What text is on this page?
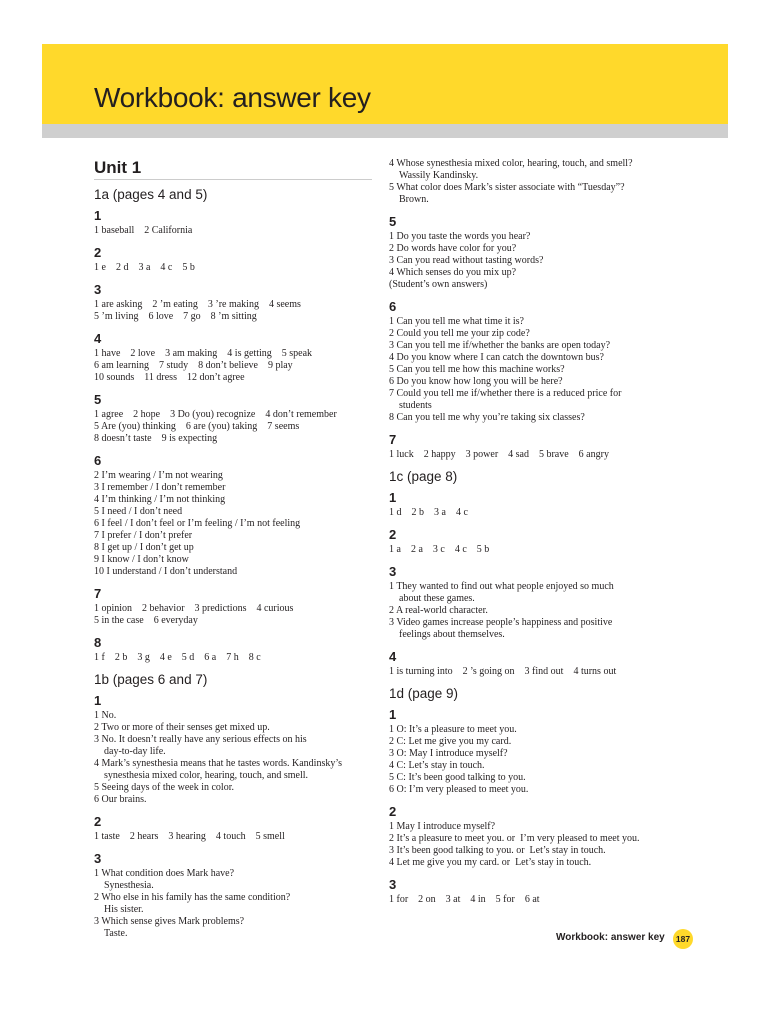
Workbook: answer key
Unit 1
1a (pages 4 and 5)
1
1 baseball    2 California
2
1 e    2 d    3 a    4 c    5 b
3
1 are asking    2 ’m eating    3 ’re making    4 seems
5 ’m living    6 love    7 go    8 ’m sitting
4
1 have    2 love    3 am making    4 is getting    5 speak
6 am learning    7 study    8 don’t believe    9 play
10 sounds    11 dress    12 don’t agree
5
1 agree    2 hope    3 Do (you) recognize    4 don’t remember
5 Are (you) thinking    6 are (you) taking    7 seems
8 doesn’t taste    9 is expecting
6
2 I’m wearing / I’m not wearing
3 I remember / I don’t remember
4 I’m thinking / I’m not thinking
5 I need / I don’t need
6 I feel / I don’t feel or I’m feeling / I’m not feeling
7 I prefer / I don’t prefer
8 I get up / I don’t get up
9 I know / I don’t know
10 I understand / I don’t understand
7
1 opinion    2 behavior    3 predictions    4 curious
5 in the case    6 everyday
8
1 f    2 b    3 g    4 e    5 d    6 a    7 h    8 c
1b (pages 6 and 7)
1
1 No.
2 Two or more of their senses get mixed up.
3 No. It doesn’t really have any serious effects on his
day-to-day life.
4 Mark’s synesthesia means that he tastes words. Kandinsky’s
synesthesia mixed color, hearing, touch, and smell.
5 Seeing days of the week in color.
6 Our brains.
2
1 taste    2 hears    3 hearing    4 touch    5 smell
3
1 What condition does Mark have?
Synesthesia.
2 Who else in his family has the same condition?
His sister.
3 Which sense gives Mark problems?
Taste.
4 Whose synesthesia mixed color, hearing, touch, and smell?
Wassily Kandinsky.
5 What color does Mark’s sister associate with “Tuesday”?
Brown.
5
1 Do you taste the words you hear?
2 Do words have color for you?
3 Can you read without tasting words?
4 Which senses do you mix up?
(Student’s own answers)
6
1 Can you tell me what time it is?
2 Could you tell me your zip code?
3 Can you tell me if/whether the banks are open today?
4 Do you know where I can catch the downtown bus?
5 Can you tell me how this machine works?
6 Do you know how long you will be here?
7 Could you tell me if/whether there is a reduced price for
students
8 Can you tell me why you’re taking six classes?
7
1 luck    2 happy    3 power    4 sad    5 brave    6 angry
1c (page 8)
1
1 d    2 b    3 a    4 c
2
1 a    2 a    3 c    4 c    5 b
3
1 They wanted to find out what people enjoyed so much
about these games.
2 A real-world character.
3 Video games increase people’s happiness and positive
feelings about themselves.
4
1 is turning into    2 ’s going on    3 find out    4 turns out
1d (page 9)
1
1 O: It’s a pleasure to meet you.
2 C: Let me give you my card.
3 O: May I introduce myself?
4 C: Let’s stay in touch.
5 C: It’s been good talking to you.
6 O: I’m very pleased to meet you.
2
1 May I introduce myself?
2 It’s a pleasure to meet you. or  I’m very pleased to meet you.
3 It’s been good talking to you. or  Let’s stay in touch.
4 Let me give you my card. or  Let’s stay in touch.
3
1 for    2 on    3 at    4 in    5 for    6 at
Workbook: answer key	187
